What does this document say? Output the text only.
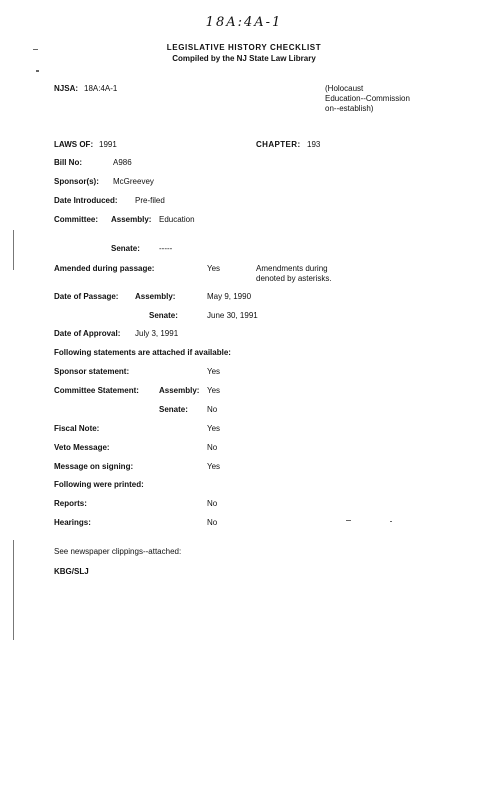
18A:4A-1
LEGISLATIVE HISTORY CHECKLIST
Compiled by the NJ State Law Library
NJSA: 18A:4A-1	(Holocaust
Education--Commission
on--establish)
LAWS OF: 1991	CHAPTER: 193
Bill No:	A986
Sponsor(s): McGreevey
Date Introduced: Pre-filed
Committee: Assembly: Education
Senate: -----
Amended during passage:	Yes	Amendments during
denoted by asterisks.
Date of Passage: Assembly:	May 9, 1990
Senate:	June 30, 1991
Date of Approval: July 3, 1991
Following statements are attached if available:
Sponsor statement:	Yes
Committee Statement:	Assembly: Yes
Senate: No
Fiscal Note:	Yes
Veto Message:	No
Message on signing:	Yes
Following were printed:
Reports:	No
Hearings:	No
See newspaper clippings--attached:
KBG/SLJ
